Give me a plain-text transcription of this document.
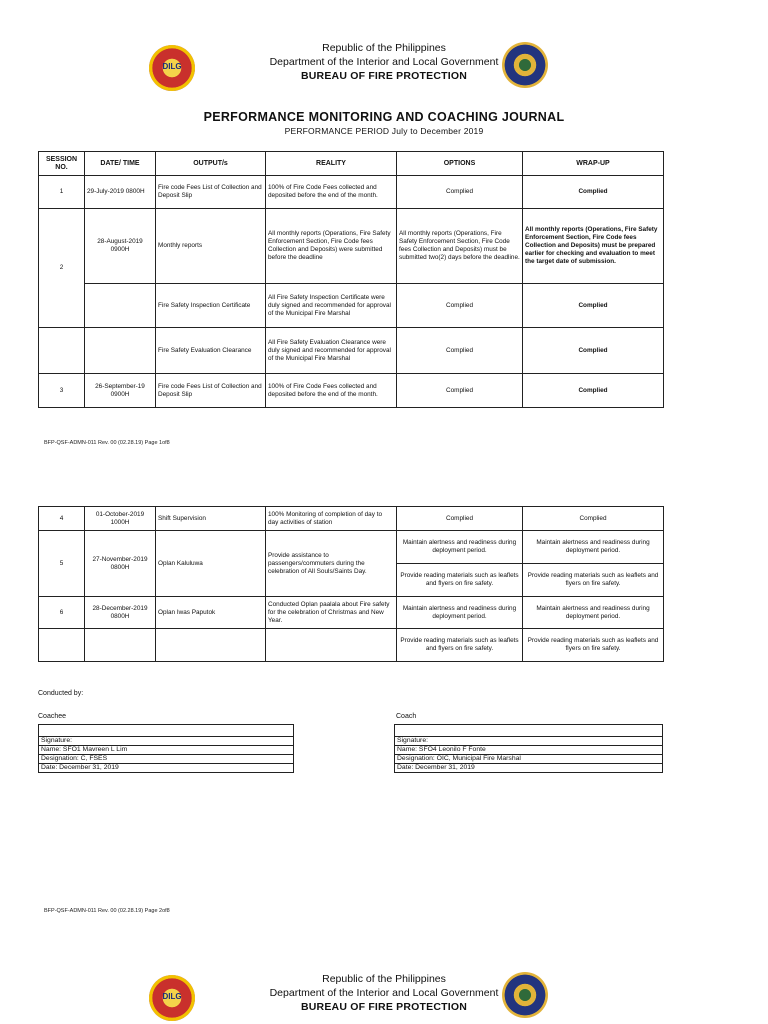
DILG
Republic of the Philippines
Department of the Interior and Local Government
BUREAU OF FIRE PROTECTION
PERFORMANCE MONITORING AND COACHING JOURNAL
PERFORMANCE PERIOD July to December 2019
SESSION NO.	DATE/ TIME	OUTPUT/s	REALITY	OPTIONS	WRAP-UP
1	29-July-2019 0800H	Fire code Fees List of Collection and Deposit Slip	100% of Fire Code Fees collected and deposited before the end of the month.	Complied	Complied
2	28-August-2019 0900H	Monthly reports	All monthly reports (Operations, Fire Safety Enforcement Section, Fire Code fees Collection and Deposits) were submitted before the deadline	All monthly reports (Operations, Fire Safety Enforcement Section, Fire Code fees Collection and Deposits) must be submitted two(2) days before the deadline.	All monthly reports (Operations, Fire Safety Enforcement Section, Fire Code fees Collection and Deposits) must be prepared earlier for checking and evaluation to meet the target date of submission.
		Fire Safety Inspection Certificate	All Fire Safety Inspection Certificate were duly signed and recommended for approval of the Municipal Fire Marshal	Complied	Complied
		Fire Safety Evaluation Clearance	All Fire Safety Evaluation Clearance were duly signed and recommended for approval of the Municipal Fire Marshal	Complied	Complied
3	26-September-19 0900H	Fire code Fees List of Collection and Deposit Slip	100% of Fire Code Fees collected and deposited before the end of the month.	Complied	Complied
BFP-QSF-ADMN-011 Rev. 00 (02.28.19) Page 1of8
4	01-October-2019 1000H	Shift Supervision	100% Monitoring of completion of day to day activities of station	Complied	Complied
5	27-November-2019 0800H	Oplan Kaluluwa	Provide assistance to passengers/commuters during the celebration of All Souls/Saints Day.	Maintain alertness and readiness during deployment period.	Maintain alertness and readiness during deployment period.
				Provide reading materials such as leaflets and flyers on fire safety.	Provide reading materials such as leaflets and flyers on fire safety.
6	28-December-2019 0800H	Oplan Iwas Paputok	Conducted Oplan paalala about Fire safety for the celebration of Christmas and New Year.	Maintain alertness and readiness during deployment period.	Maintain alertness and readiness during deployment period.
				Provide reading materials such as leaflets and flyers on fire safety.	Provide reading materials such as leaflets and flyers on fire safety.
Conducted by:
Coachee

Signature:
Name: SFO1 Mavreen L Lim
Designation: C, FSES
Date: December 31, 2019
Coach

Signature:
Name: SFO4 Leonilo F Fonte
Designation: OIC, Municipal Fire Marshal
Date: December 31, 2019
BFP-QSF-ADMN-011 Rev. 00 (02.28.19) Page 2of8
DILG
Republic of the Philippines
Department of the Interior and Local Government
BUREAU OF FIRE PROTECTION
